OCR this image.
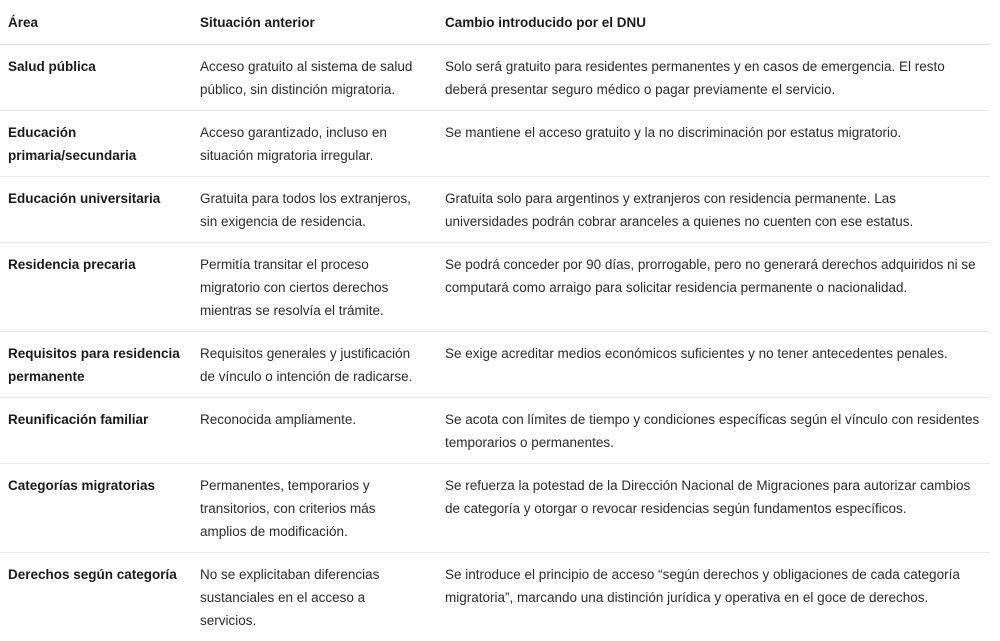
Área	Situación anterior	Cambio introducido por el DNU
Salud pública	Acceso gratuito al sistema de salud público, sin distinción migratoria.	Solo será gratuito para residentes permanentes y en casos de emergencia. El resto deberá presentar seguro médico o pagar previamente el servicio.
Educación primaria/secundaria	Acceso garantizado, incluso en situación migratoria irregular.	Se mantiene el acceso gratuito y la no discriminación por estatus migratorio.
Educación universitaria	Gratuita para todos los extranjeros, sin exigencia de residencia.	Gratuita solo para argentinos y extranjeros con residencia permanente. Las universidades podrán cobrar aranceles a quienes no cuenten con ese estatus.
Residencia precaria	Permitía transitar el proceso migratorio con ciertos derechos mientras se resolvía el trámite.	Se podrá conceder por 90 días, prorrogable, pero no generará derechos adquiridos ni se computará como arraigo para solicitar residencia permanente o nacionalidad.
Requisitos para residencia permanente	Requisitos generales y justificación de vínculo o intención de radicarse.	Se exige acreditar medios económicos suficientes y no tener antecedentes penales.
Reunificación familiar	Reconocida ampliamente.	Se acota con límites de tiempo y condiciones específicas según el vínculo con residentes temporarios o permanentes.
Categorías migratorias	Permanentes, temporarios y transitorios, con criterios más amplios de modificación.	Se refuerza la potestad de la Dirección Nacional de Migraciones para autorizar cambios de categoría y otorgar o revocar residencias según fundamentos específicos.
Derechos según categoría	No se explicitaban diferencias sustanciales en el acceso a servicios.	Se introduce el principio de acceso “según derechos y obligaciones de cada categoría migratoria”, marcando una distinción jurídica y operativa en el goce de derechos.
